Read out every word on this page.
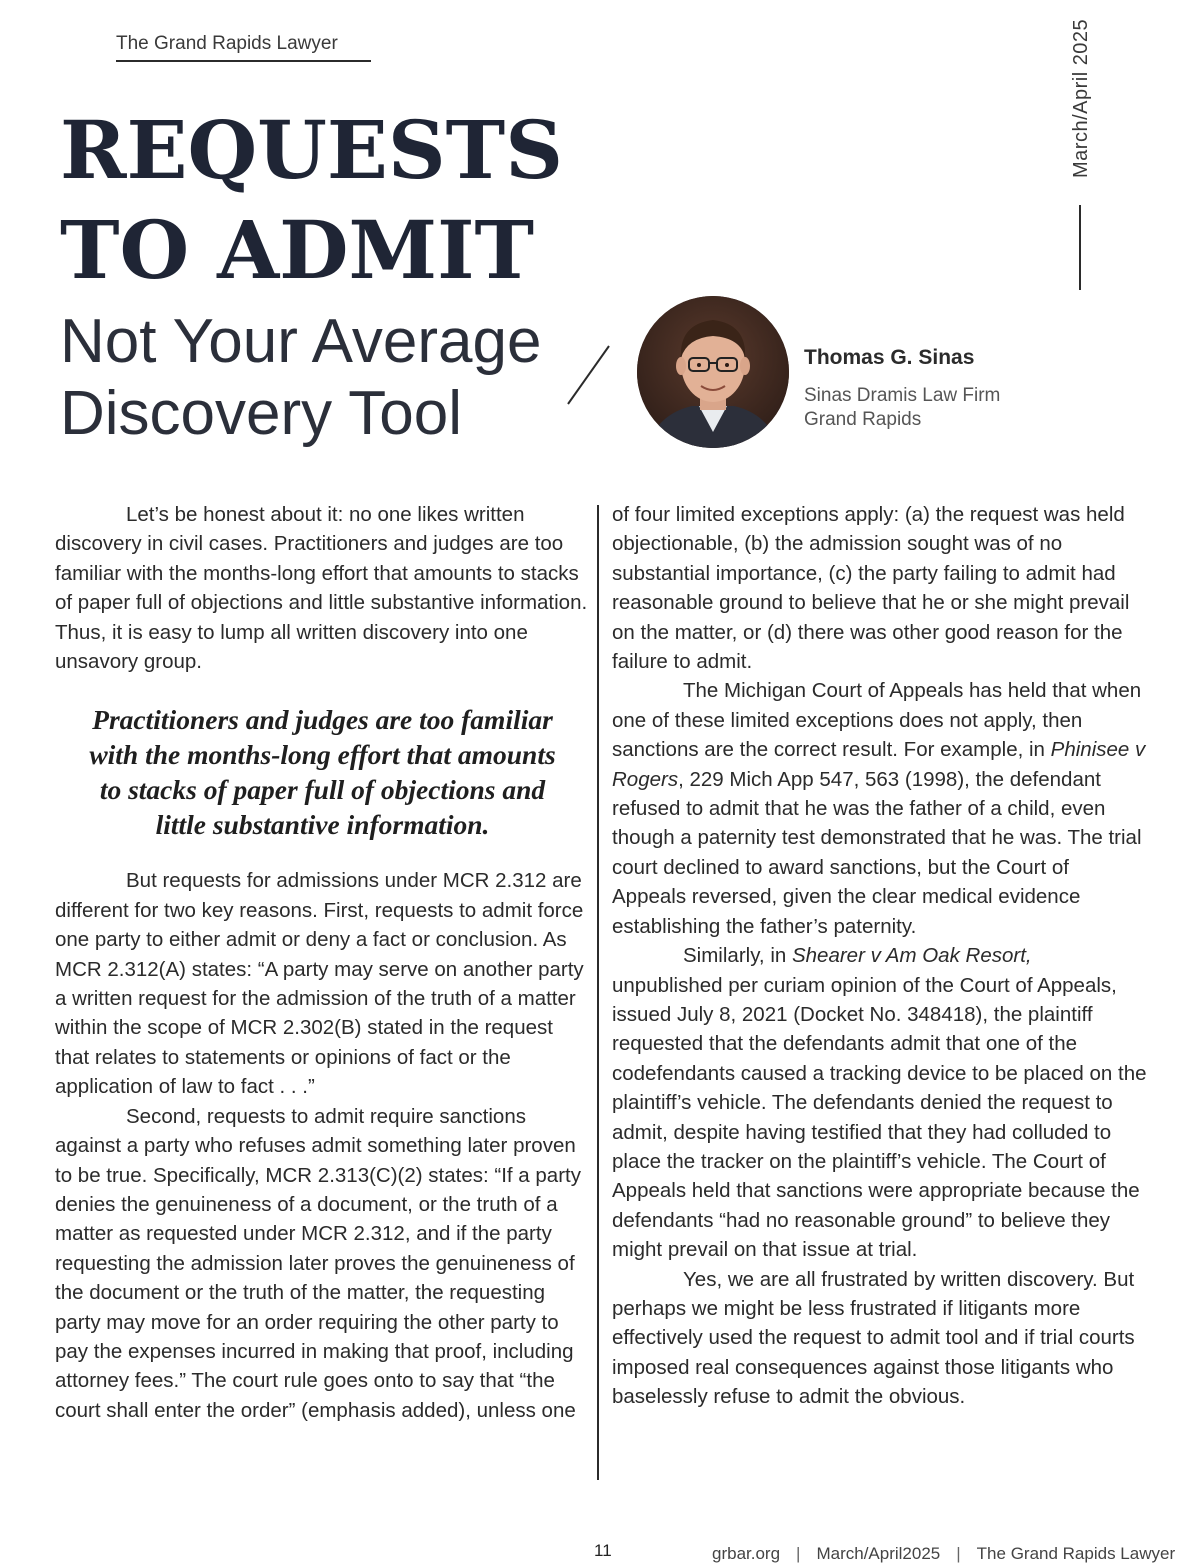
The Grand Rapids Lawyer	March/April 2025
REQUESTS
TO ADMIT
Not Your Average
Discovery Tool
Thomas G. Sinas
Sinas Dramis Law Firm
Grand Rapids

Let’s be honest about it: no one likes written discovery in civil cases. Practitioners and judges are too familiar with the months-long effort that amounts to stacks of paper full of objections and little substantive information. Thus, it is easy to lump all written discovery into one unsavory group.

Practitioners and judges are too familiar
with the months-long effort that amounts
to stacks of paper full of objections and
little substantive information.

But requests for admissions under MCR 2.312 are different for two key reasons. First, requests to admit force one party to either admit or deny a fact or conclusion. As MCR 2.312(A) states: “A party may serve on another party a written request for the admission of the truth of a matter within the scope of MCR 2.302(B) stated in the request that relates to statements or opinions of fact or the application of law to fact . . .”

Second, requests to admit require sanctions against a party who refuses admit something later proven to be true. Specifically, MCR 2.313(C)(2) states: “If a party denies the genuineness of a document, or the truth of a matter as requested under MCR 2.312, and if the party requesting the admission later proves the genuineness of the document or the truth of the matter, the requesting party may move for an order requiring the other party to pay the expenses incurred in making that proof, including attorney fees.” The court rule goes onto to say that “the court shall enter the order” (emphasis added), unless one

of four limited exceptions apply: (a) the request was held objectionable, (b) the admission sought was of no substantial importance, (c) the party failing to admit had reasonable ground to believe that he or she might prevail on the matter, or (d) there was other good reason for the failure to admit.

The Michigan Court of Appeals has held that when one of these limited exceptions does not apply, then sanctions are the correct result. For example, in Phinisee v Rogers, 229 Mich App 547, 563 (1998), the defendant refused to admit that he was the father of a child, even though a paternity test demonstrated that he was. The trial court declined to award sanctions, but the Court of Appeals reversed, given the clear medical evidence establishing the father’s paternity.

Similarly, in Shearer v Am Oak Resort, unpublished per curiam opinion of the Court of Appeals, issued July 8, 2021 (Docket No. 348418), the plaintiff requested that the defendants admit that one of the codefendants caused a tracking device to be placed on the plaintiff’s vehicle. The defendants denied the request to admit, despite having testified that they had colluded to place the tracker on the plaintiff’s vehicle. The Court of Appeals held that sanctions were appropriate because the defendants “had no reasonable ground” to believe they might prevail on that issue at trial.

Yes, we are all frustrated by written discovery. But perhaps we might be less frustrated if litigants more effectively used the request to admit tool and if trial courts imposed real consequences against those litigants who baselessly refuse to admit the obvious.

11	grbar.org | March/April2025 | The Grand Rapids Lawyer
